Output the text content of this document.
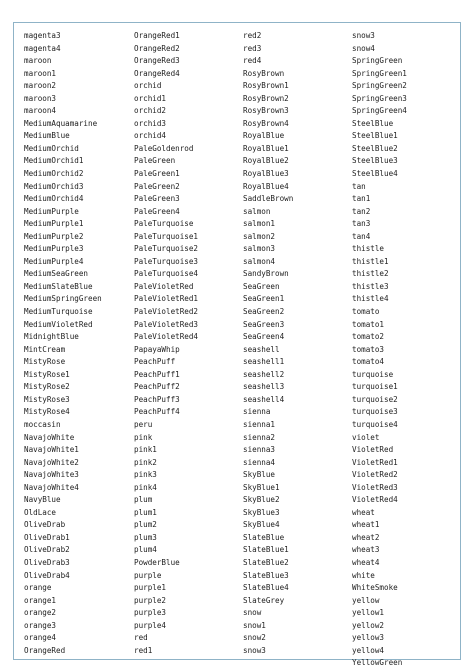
magenta3
magenta4
maroon
maroon1
maroon2
maroon3
maroon4
MediumAquamarine
MediumBlue
MediumOrchid
MediumOrchid1
MediumOrchid2
MediumOrchid3
MediumOrchid4
MediumPurple
MediumPurple1
MediumPurple2
MediumPurple3
MediumPurple4
MediumSeaGreen
MediumSlateBlue
MediumSpringGreen
MediumTurquoise
MediumVioletRed
MidnightBlue
MintCream
MistyRose
MistyRose1
MistyRose2
MistyRose3
MistyRose4
moccasin
NavajoWhite
NavajoWhite1
NavajoWhite2
NavajoWhite3
NavajoWhite4
NavyBlue
OldLace
OliveDrab
OliveDrab1
OliveDrab2
OliveDrab3
OliveDrab4
orange
orange1
orange2
orange3
orange4
OrangeRed
OrangeRed1
OrangeRed2
OrangeRed3
OrangeRed4
orchid
orchid1
orchid2
orchid3
orchid4
PaleGoldenrod
PaleGreen
PaleGreen1
PaleGreen2
PaleGreen3
PaleGreen4
PaleTurquoise
PaleTurquoise1
PaleTurquoise2
PaleTurquoise3
PaleTurquoise4
PaleVioletRed
PaleVioletRed1
PaleVioletRed2
PaleVioletRed3
PaleVioletRed4
PapayaWhip
PeachPuff
PeachPuff1
PeachPuff2
PeachPuff3
PeachPuff4
peru
pink
pink1
pink2
pink3
pink4
plum
plum1
plum2
plum3
plum4
PowderBlue
purple
purple1
purple2
purple3
purple4
red
red1
red2
red3
red4
RosyBrown
RosyBrown1
RosyBrown2
RosyBrown3
RosyBrown4
RoyalBlue
RoyalBlue1
RoyalBlue2
RoyalBlue3
RoyalBlue4
SaddleBrown
salmon
salmon1
salmon2
salmon3
salmon4
SandyBrown
SeaGreen
SeaGreen1
SeaGreen2
SeaGreen3
SeaGreen4
seashell
seashell1
seashell2
seashell3
seashell4
sienna
sienna1
sienna2
sienna3
sienna4
SkyBlue
SkyBlue1
SkyBlue2
SkyBlue3
SkyBlue4
SlateBlue
SlateBlue1
SlateBlue2
SlateBlue3
SlateBlue4
SlateGrey
snow
snow1
snow2
snow3
snow3
snow4
SpringGreen
SpringGreen1
SpringGreen2
SpringGreen3
SpringGreen4
SteelBlue
SteelBlue1
SteelBlue2
SteelBlue3
SteelBlue4
tan
tan1
tan2
tan3
tan4
thistle
thistle1
thistle2
thistle3
thistle4
tomato
tomato1
tomato2
tomato3
tomato4
turquoise
turquoise1
turquoise2
turquoise3
turquoise4
violet
VioletRed
VioletRed1
VioletRed2
VioletRed3
VioletRed4
wheat
wheat1
wheat2
wheat3
wheat4
white
WhiteSmoke
yellow
yellow1
yellow2
yellow3
yellow4
YellowGreen
